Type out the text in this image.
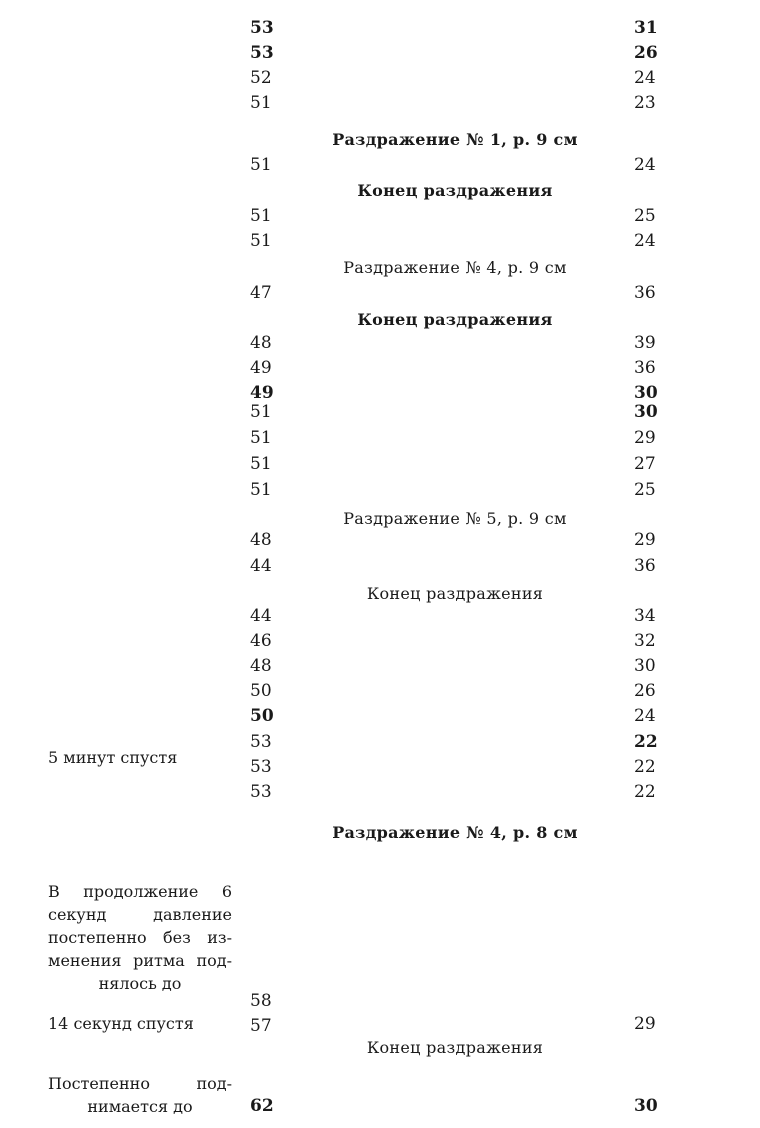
53	31
53	26
52	24
51	23
Раздражение № 1, р. 9 см
51	24
Конец раздражения
51	25
51	24
Раздражение № 4, р. 9 см
47	36
Конец раздражения
48	39
49	36
49	30
51	30
51	29
51	27
51	25
Раздражение № 5, р. 9 см
48	29
44	36
Конец раздражения
44	34
46	32
48	30
50	26
50	24
53	22
5 минут спустя	53	22
53	22
Раздражение № 4, р. 8 см
В продолжение 6
секунд давление
постепенно без из-
менения ритма под-
нялось до
58
14 секунд спустя	57	29
Конец раздражения
Постепенно под-
нимается до	62	30
